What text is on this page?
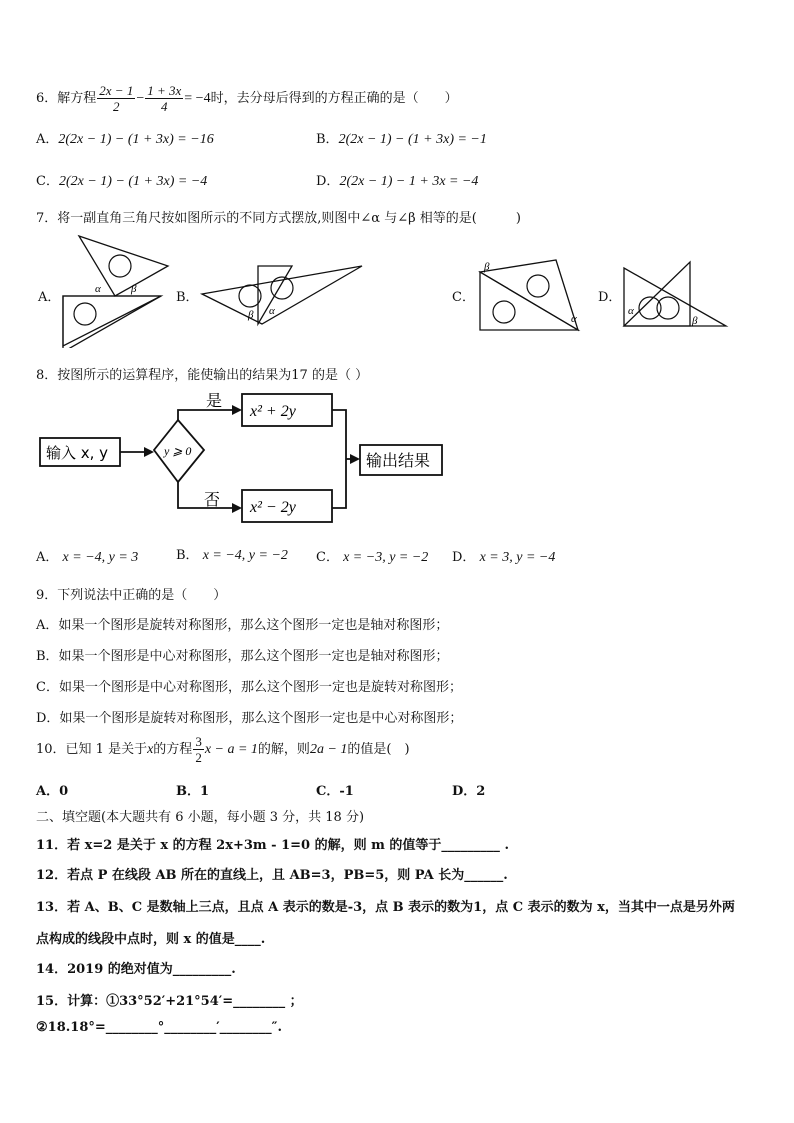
6．解方程 $\frac{2x - 1}{2} - \frac{1 + 3x}{4} = -4$时，去分母后得到的方程正确的是（　　）
A．2(2x − 1) − (1 + 3x) = −16	B．2(2x − 1) − (1 + 3x) = −1
C．2(2x − 1) − (1 + 3x) = −4	D．2(2x − 1) − 1 + 3x = −4
7．将一副直角三角尺按如图所示的不同方式摆放,则图中∠α 与∠β 相等的是(　　　)
A．	B．	C．	D．
α	β
β α
β
α
α
β
8．按图所示的运算程序，能使输出的结果为17 的是（ ）
输入 x, y	y ⩾ 0
是
x² + 2y
否 x² − 2y
输出结果
A． x = −4, y = 3	B． x = −4, y = −2 C． x = −3, y = −2 D． x = 3, y = −4
9．下列说法中正确的是（　　）
A．如果一个图形是旋转对称图形，那么这个图形一定也是轴对称图形；
B．如果一个图形是中心对称图形，那么这个图形一定也是轴对称图形；
C．如果一个图形是中心对称图形，那么这个图形一定也是旋转对称图形；
D．如果一个图形是旋转对称图形，那么这个图形一定也是中心对称图形；
10．已知 1 是关于x的方程 $\frac{3}{2}$ x − a = 1的解，则2a − 1的值是(　)
A．0	B．1	C．-1	D．2
二、填空题(本大题共有 6 小题，每小题 3 分，共 18 分)
11．若 x=2 是关于 x 的方程 2x+3m - 1=0 的解，则 m 的值等于_________ .
12．若点 P 在线段 AB 所在的直线上，且 AB=3，PB=5，则 PA 长为______.
13．若 A、B、C 是数轴上三点，且点 A 表示的数是-3，点 B 表示的数为1，点 C 表示的数为 x，当其中一点是另外两
点构成的线段中点时，则 x 的值是____.
14．2019 的绝对值为_________.
15．计算：①33°52′+21°54′=________ ；
②18.18°=________°________′________″.
